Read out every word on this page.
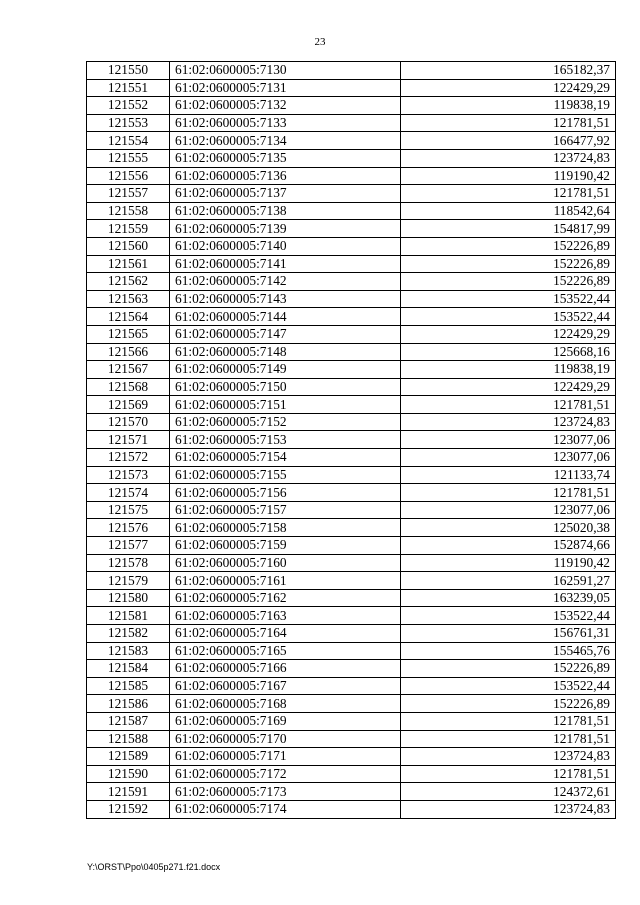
23
121550	61:02:0600005:7130	165182,37
121551	61:02:0600005:7131	122429,29
121552	61:02:0600005:7132	119838,19
121553	61:02:0600005:7133	121781,51
121554	61:02:0600005:7134	166477,92
121555	61:02:0600005:7135	123724,83
121556	61:02:0600005:7136	119190,42
121557	61:02:0600005:7137	121781,51
121558	61:02:0600005:7138	118542,64
121559	61:02:0600005:7139	154817,99
121560	61:02:0600005:7140	152226,89
121561	61:02:0600005:7141	152226,89
121562	61:02:0600005:7142	152226,89
121563	61:02:0600005:7143	153522,44
121564	61:02:0600005:7144	153522,44
121565	61:02:0600005:7147	122429,29
121566	61:02:0600005:7148	125668,16
121567	61:02:0600005:7149	119838,19
121568	61:02:0600005:7150	122429,29
121569	61:02:0600005:7151	121781,51
121570	61:02:0600005:7152	123724,83
121571	61:02:0600005:7153	123077,06
121572	61:02:0600005:7154	123077,06
121573	61:02:0600005:7155	121133,74
121574	61:02:0600005:7156	121781,51
121575	61:02:0600005:7157	123077,06
121576	61:02:0600005:7158	125020,38
121577	61:02:0600005:7159	152874,66
121578	61:02:0600005:7160	119190,42
121579	61:02:0600005:7161	162591,27
121580	61:02:0600005:7162	163239,05
121581	61:02:0600005:7163	153522,44
121582	61:02:0600005:7164	156761,31
121583	61:02:0600005:7165	155465,76
121584	61:02:0600005:7166	152226,89
121585	61:02:0600005:7167	153522,44
121586	61:02:0600005:7168	152226,89
121587	61:02:0600005:7169	121781,51
121588	61:02:0600005:7170	121781,51
121589	61:02:0600005:7171	123724,83
121590	61:02:0600005:7172	121781,51
121591	61:02:0600005:7173	124372,61
121592	61:02:0600005:7174	123724,83
Y:\ORST\Ppo\0405p271.f21.docx
